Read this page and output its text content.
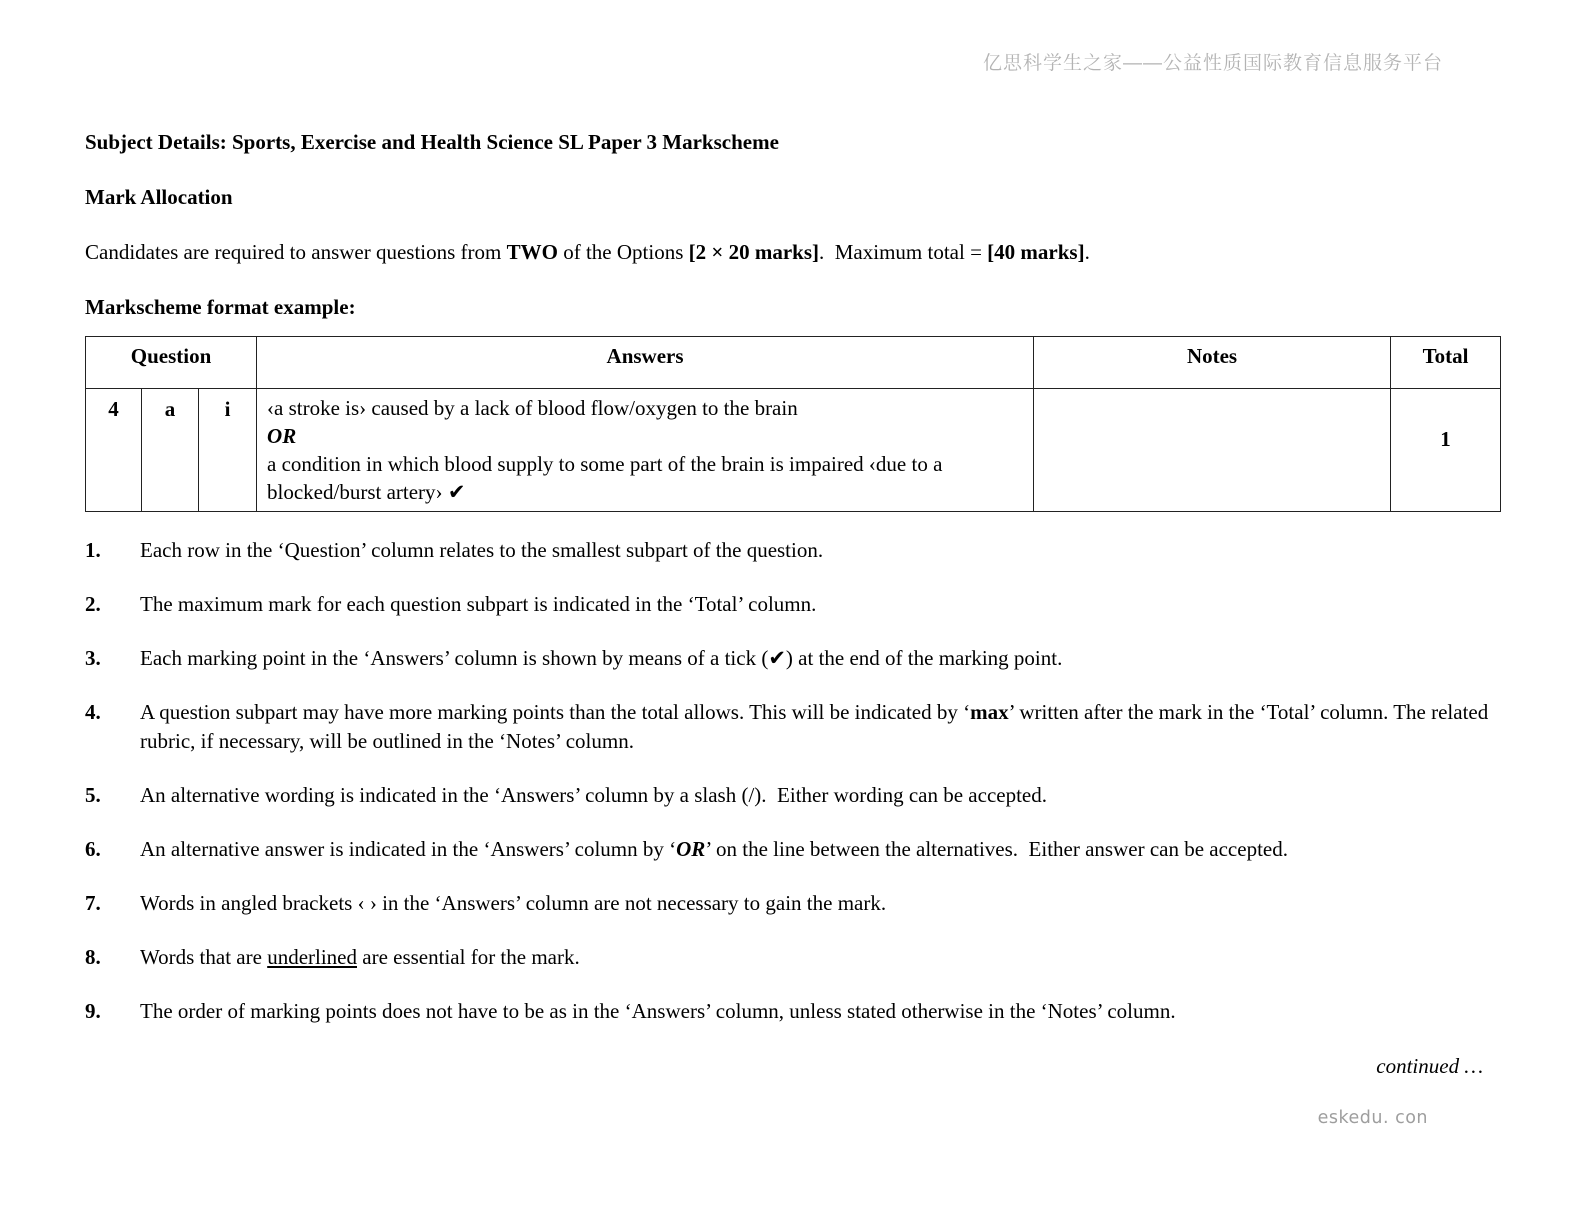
亿思科学生之家——公益性质国际教育信息服务平台
Subject Details: Sports, Exercise and Health Science SL Paper 3 Markscheme
Mark Allocation

Candidates are required to answer questions from TWO of the Options [2 × 20 marks].  Maximum total = [40 marks].

Markscheme format example:
Question			Answers	Notes	Total
4	a	i	‹a stroke is› caused by a lack of blood flow/oxygen to the brain
OR
a condition in which blood supply to some part of the brain is impaired ‹due to a blocked/burst artery› ✔		1
1.	Each row in the ‘Question’ column relates to the smallest subpart of the question.
2.	The maximum mark for each question subpart is indicated in the ‘Total’ column.
3.	Each marking point in the ‘Answers’ column is shown by means of a tick (✔) at the end of the marking point.
4.	A question subpart may have more marking points than the total allows. This will be indicated by ‘max’ written after the mark in the ‘Total’ column. The related rubric, if necessary, will be outlined in the ‘Notes’ column.
5.	An alternative wording is indicated in the ‘Answers’ column by a slash (/).  Either wording can be accepted.
6.	An alternative answer is indicated in the ‘Answers’ column by ‘OR’ on the line between the alternatives.  Either answer can be accepted.
7.	Words in angled brackets ‹ › in the ‘Answers’ column are not necessary to gain the mark.
8.	Words that are underlined are essential for the mark.
9.	The order of marking points does not have to be as in the ‘Answers’ column, unless stated otherwise in the ‘Notes’ column.
continued …
eskedu. con
